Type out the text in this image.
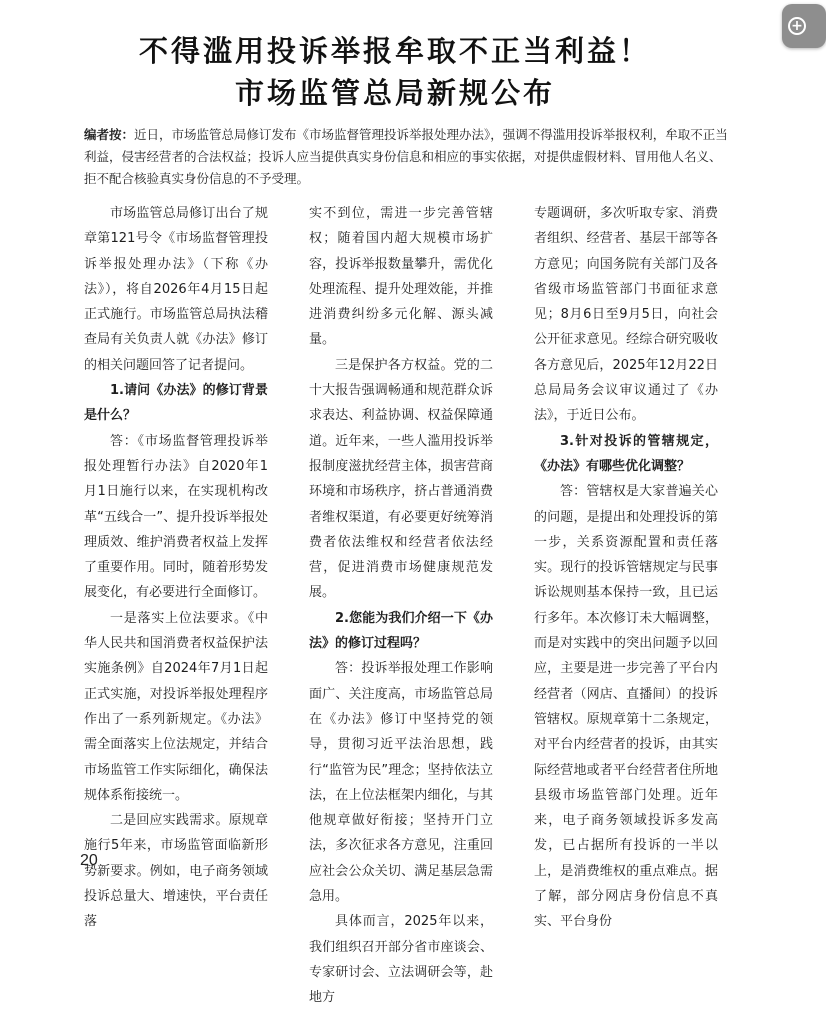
不得滥用投诉举报牟取不正当利益！
市场监管总局新规公布
编者按：近日，市场监管总局修订发布《市场监督管理投诉举报处理办法》，强调不得滥用投诉举报权利，牟取不正当利益，侵害经营者的合法权益；投诉人应当提供真实身份信息和相应的事实依据，对提供虚假材料、冒用他人名义、拒不配合核验真实身份信息的不予受理。

市场监管总局修订出台了规章第121号令《市场监督管理投诉举报处理办法》（下称《办法》），将自2026年4月15日起正式施行。市场监管总局执法稽查局有关负责人就《办法》修订的相关问题回答了记者提问。

1.请问《办法》的修订背景是什么？

答：《市场监督管理投诉举报处理暂行办法》自2020年1月1日施行以来，在实现机构改革“五线合一”、提升投诉举报处理质效、维护消费者权益上发挥了重要作用。同时，随着形势发展变化，有必要进行全面修订。

一是落实上位法要求。《中华人民共和国消费者权益保护法实施条例》自2024年7月1日起正式实施，对投诉举报处理程序作出了一系列新规定。《办法》需全面落实上位法规定，并结合市场监管工作实际细化，确保法规体系衔接统一。

二是回应实践需求。原规章施行5年来，市场监管面临新形势新要求。例如，电子商务领域投诉总量大、增速快，平台责任落

实不到位，需进一步完善管辖权；随着国内超大规模市场扩容，投诉举报数量攀升，需优化处理流程、提升处理效能，并推进消费纠纷多元化解、源头减量。

三是保护各方权益。党的二十大报告强调畅通和规范群众诉求表达、利益协调、权益保障通道。近年来，一些人滥用投诉举报制度滋扰经营主体，损害营商环境和市场秩序，挤占普通消费者维权渠道，有必要更好统筹消费者依法维权和经营者依法经营，促进消费市场健康规范发展。

2.您能为我们介绍一下《办法》的修订过程吗？

答：投诉举报处理工作影响面广、关注度高，市场监管总局在《办法》修订中坚持党的领导，贯彻习近平法治思想，践行“监管为民”理念；坚持依法立法，在上位法框架内细化，与其他规章做好衔接；坚持开门立法，多次征求各方意见，注重回应社会公众关切、满足基层急需急用。

具体而言，2025年以来，我们组织召开部分省市座谈会、专家研讨会、立法调研会等，赴地方

专题调研，多次听取专家、消费者组织、经营者、基层干部等各方意见；向国务院有关部门及各省级市场监管部门书面征求意见；8月6日至9月5日，向社会公开征求意见。经综合研究吸收各方意见后，2025年12月22日总局局务会议审议通过了《办法》，于近日公布。

3.针对投诉的管辖规定，《办法》有哪些优化调整？

答：管辖权是大家普遍关心的问题，是提出和处理投诉的第一步，关系资源配置和责任落实。现行的投诉管辖规定与民事诉讼规则基本保持一致，且已运行多年。本次修订未大幅调整，而是对实践中的突出问题予以回应，主要是进一步完善了平台内经营者（网店、直播间）的投诉管辖权。原规章第十二条规定，对平台内经营者的投诉，由其实际经营地或者平台经营者住所地县级市场监管部门处理。近年来，电子商务领域投诉多发高发，已占据所有投诉的一半以上，是消费维权的重点难点。据了解，部分网店身份信息不真实、平台身份

20
+
